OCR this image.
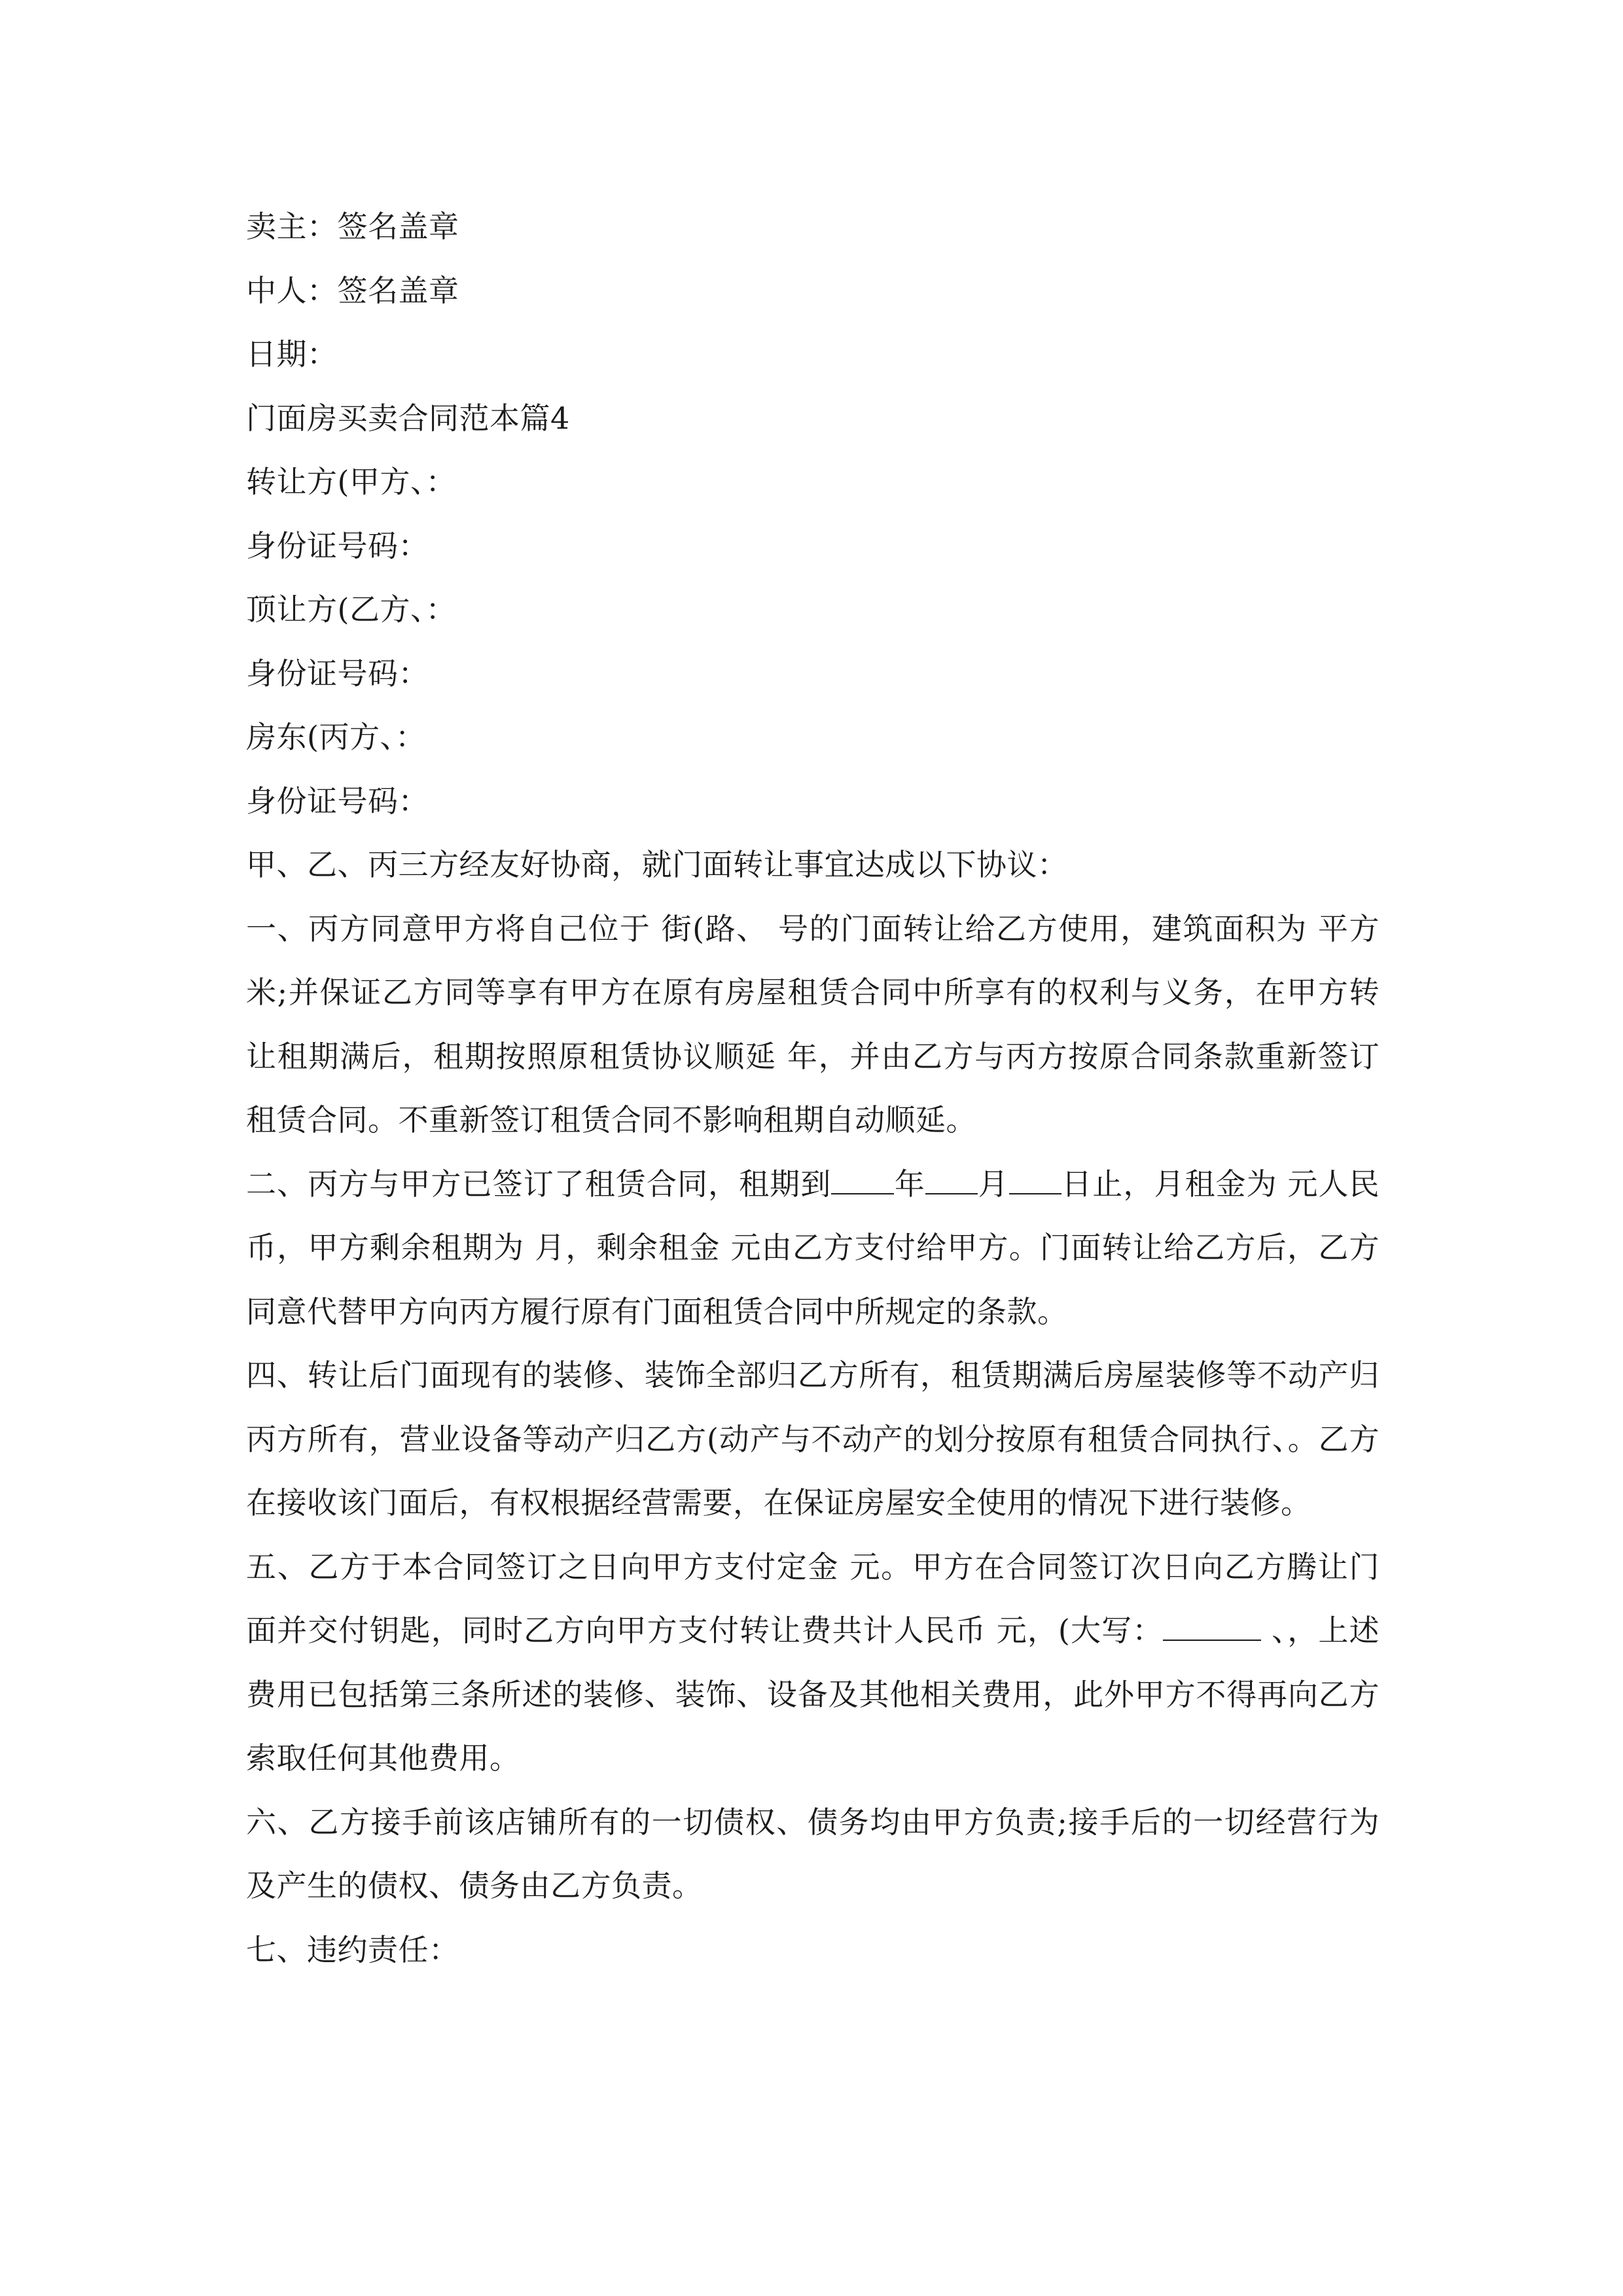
卖主：签名盖章
中人：签名盖章
日期：
门面房买卖合同范本篇4
转让方(甲方、：
身份证号码：
顶让方(乙方、：
身份证号码：
房东(丙方、：
身份证号码：
甲、乙、丙三方经友好协商，就门面转让事宜达成以下协议：

一、丙方同意甲方将自己位于 街(路、 号的门面转让给乙方使用，建筑面积为 平方米;并保证乙方同等享有甲方在原有房屋租赁合同中所享有的权利与义务，在甲方转让租期满后，租期按照原租赁协议顺延 年，并由乙方与丙方按原合同条款重新签订租赁合同。不重新签订租赁合同不影响租期自动顺延。

二、丙方与甲方已签订了租赁合同，租期到 年 月 日止，月租金为 元人民币，甲方剩余租期为 月，剩余租金 元由乙方支付给甲方。门面转让给乙方后，乙方同意代替甲方向丙方履行原有门面租赁合同中所规定的条款。

四、转让后门面现有的装修、装饰全部归乙方所有，租赁期满后房屋装修等不动产归丙方所有，营业设备等动产归乙方(动产与不动产的划分按原有租赁合同执行、。乙方在接收该门面后，有权根据经营需要，在保证房屋安全使用的情况下进行装修。

五、乙方于本合同签订之日向甲方支付定金 元。甲方在合同签订次日向乙方腾让门面并交付钥匙，同时乙方向甲方支付转让费共计人民币 元，(大写：	、，上述费用已包括第三条所述的装修、装饰、设备及其他相关费用，此外甲方不得再向乙方索取任何其他费用。

六、乙方接手前该店铺所有的一切债权、债务均由甲方负责;接手后的一切经营行为及产生的债权、债务由乙方负责。

七、违约责任：
